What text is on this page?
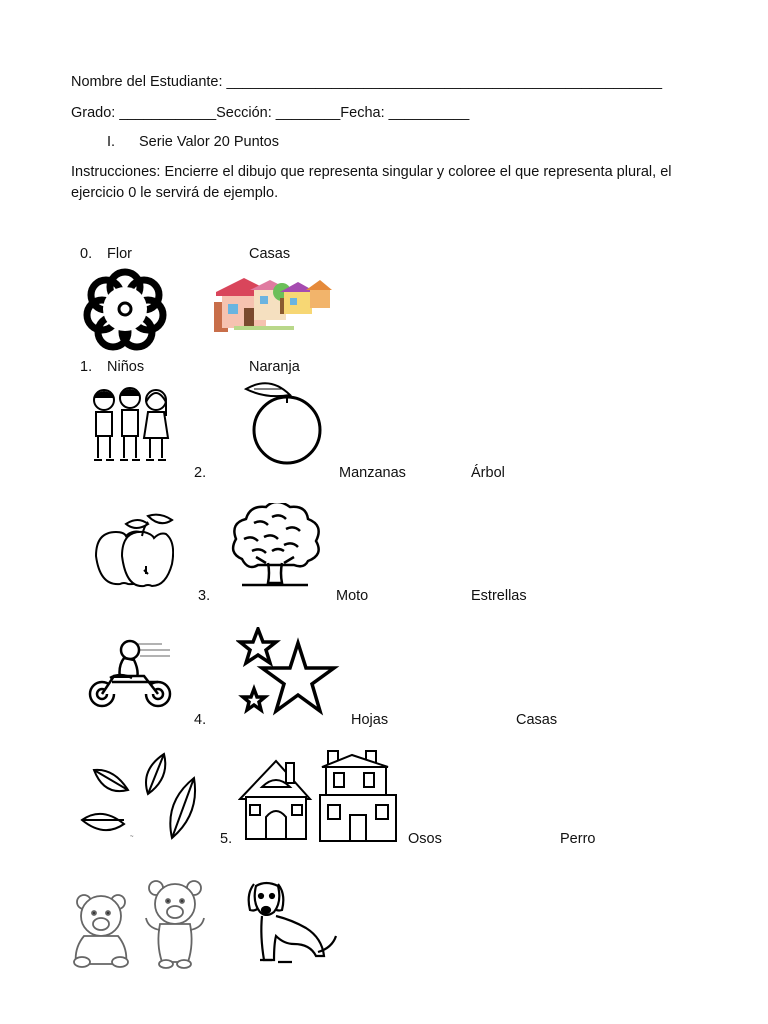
Nombre del Estudiante: ______________________________________________________
Grado: ____________Sección: ________Fecha: __________
I. Serie Valor 20 Puntos
Instrucciones: Encierre el dibujo que representa singular y coloree el que representa plural, el
ejercicio 0 le servirá de ejemplo.
0. Flor	Casas
1. Niños	Naranja
2.	Manzanas	Árbol
3.	Moto	Estrellas
4.	Hojas	Casas
~	5.	Osos	Perro
